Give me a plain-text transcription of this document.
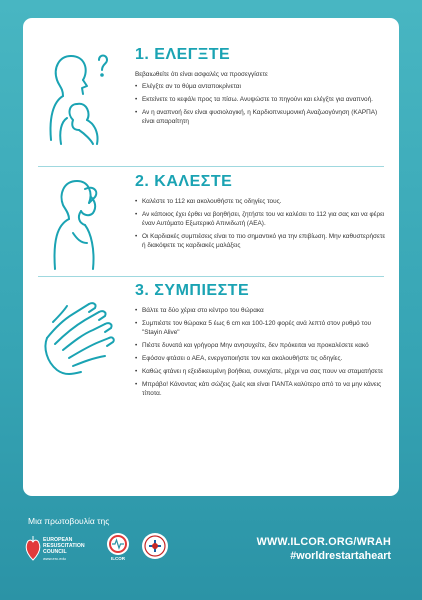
1. ΕΛΕΓΞΤΕ

Βεβαιωθείτε ότι είναι ασφαλές να προσεγγίσετε

• Ελέγξτε αν το θύμα ανταποκρίνεται
• Εκτείνετε το κεφάλι προς τα πίσω. Ανυψώστε το πηγούνι και ελέγξτε για αναπνοή.
• Αν η αναπνοή δεν είναι φυσιολογική, η Καρδιοπνευμονική Αναζωογόνηση (ΚΑΡΠΑ) είναι απαραίτητη
2. ΚΑΛΕΣΤΕ
• Καλέστε το 112 και ακολουθήστε τις οδηγίες τους.
• Αν κάποιος έχει έρθει να βοηθήσει, ζητήστε του να καλέσει το 112 για σας και να φέρει έναν Αυτόματο Εξωτερικό Απινιδωτή (ΑΕΑ).
• Οι Καρδιακές συμπιέσεις είναι το πιο σημαντικό για την επιβίωση. Μην καθυστερήσετε ή διακόψετε τις καρδιακές μαλάξεις
3. ΣΥΜΠΙΕΣΤΕ
• Βάλτε τα δύο χέρια στο κέντρο του θώρακα
• Συμπιέστε τον θώρακα 5 έως 6 cm και 100-120 φορές ανά λεπτό στον ρυθμό του "Stayin Alive"
• Πιέστε δυνατά και γρήγορα Μην ανησυχείτε, δεν πρόκειται να προκαλέσετε κακό
• Εφόσον φτάσει ο ΑΕΑ, ενεργοποιήστε τον και ακολουθήστε τις οδηγίες.
• Καθώς φτάνει η εξειδικευμένη βοήθεια, συνεχίστε, μέχρι να σας πουν να σταματήσετε
• Μπράβο! Κάνοντας κάτι σώζεις ζωές και είναι ΠΑΝΤΑ καλύτερο από το να μην κάνεις τίποτα.
Μια πρωτοβουλία της
EUROPEAN
RESUSCITATION
COUNCIL
www.erc.edu	ILCOR
WWW.ILCOR.ORG/WRAH
#worldrestartaheart
